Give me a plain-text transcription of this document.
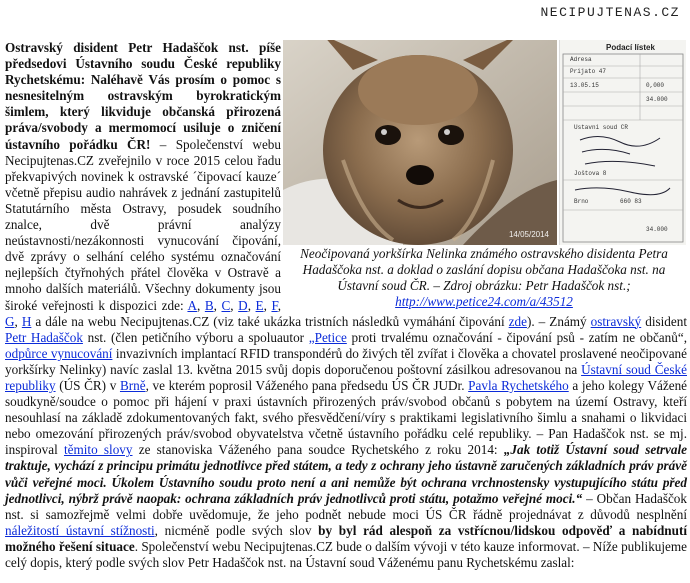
NECIPUJTENAS.CZ
14/05/2014
Podací lístek
Adresa
Prijato 47
13.05.15	0,000
34.000
Ustavni soud CR
Joštova 8
Brno	660 83
34.000
Neočipovaná yorkšírka Nelinka známého ostravského disidenta Petra Hadaščoka nst. a doklad o zaslání dopisu občana Hadaščoka nst. na Ústavní soud ČR. – Zdroj obrázku: Petr Hadaščok nst.;
http://www.petice24.com/a/43512

Ostravský disident Petr Hadaščok nst. píše předsedovi Ústavního soudu České republiky Rychetskému: Naléhavě Vás prosím o pomoc s nesnesitelným ostravským byrokratickým šimlem, který likviduje občanská přirozená práva/svobody a mermomocí usiluje o zničení ústavního pořádku ČR! – Společenství webu Necipujtenas.CZ zveřejnilo v roce 2015 celou řadu překvapivých novinek k ostravské ´čipovací kauze´ včetně přepisu audio nahrávek z jednání zastupitelů Statutárního města Ostravy, posudek soudního znalce, dvě právní analýzy neústavnosti/nezákonnosti vynucování čipování, dvě zprávy o selhání celého systému označování nejlepších čtyřnohých přátel člověka v Ostravě a mnoho dalších materiálů. Všechny dokumenty jsou široké veřejnosti k dispozici zde: A, B, C, D, E, F, G, H a dále na webu Necipujtenas.CZ (viz také ukázka tristních následků vymáhání čipování zde). – Známý ostravský disident Petr Hadaščok nst. (člen petičního výboru a spoluautor „Petice proti trvalému označování - čipování psů - zatím ne občanů“, odpůrce vynucování invazivních implantací RFID transpondérů do živých těl zvířat i člověka a chovatel proslavené neočipované yorkšírky Nelinky) navíc zaslal 13. května 2015 svůj dopis doporučenou poštovní zásilkou adresovanou na Ústavní soud České republiky (ÚS ČR) v Brně, ve kterém poprosil Váženého pana předsedu ÚS ČR JUDr. Pavla Rychetského a jeho kolegy Vážené soudkyně/soudce o pomoc při hájení v praxi ústavních přirozených práv/svobod občanů s pobytem na území Ostravy, kteří nesouhlasí na základě zdokumentovaných fakt, svého přesvědčení/víry s praktikami legislativního šimlu a snahami o likvidaci nebo omezování přirozených práv/svobod obyvatelstva včetně ústavního pořádku celé republiky. – Pan Hadaščok nst. se mj. inspiroval těmito slovy ze stanoviska Váženého pana soudce Rychetského z roku 2014: „Jak totiž Ústavní soud setrvale traktuje, vychází z principu primátu jednotlivce před státem, a tedy z ochrany jeho ústavně zaručených základních práv právě vůči veřejné moci. Úkolem Ústavního soudu proto není a ani nemůže být ochrana vrchnostensky vystupujícího státu před jednotlivci, nýbrž právě naopak: ochrana základních práv jednotlivců proti státu, potažmo veřejné moci.“ – Občan Hadaščok nst. si samozřejmě velmi dobře uvědomuje, že jeho podnět nebude moci ÚS ČR řádně projednávat z důvodů nesplnění náležitostí ústavní stížnosti, nicméně podle svých slov by byl rád alespoň za vstřícnou/lidskou odpověď a nabídnutí možného řešení situace. Společenství webu Necipujtenas.CZ bude o dalším vývoji v této kauze informovat. – Níže publikujeme celý dopis, který podle svých slov Petr Hadaščok nst. na Ústavní soud Váženému panu Rychetskému zaslal:
